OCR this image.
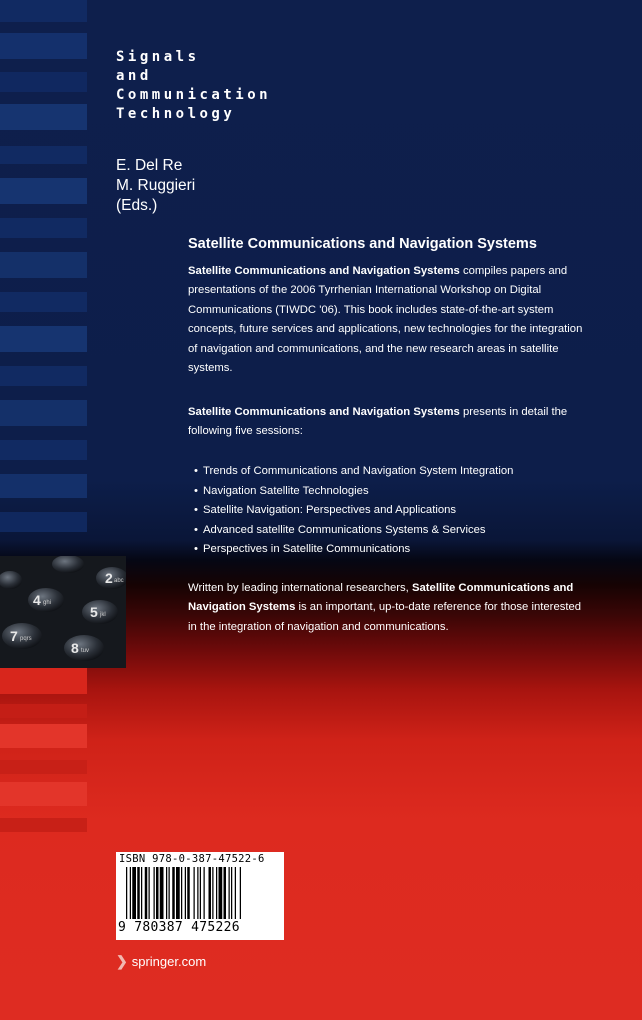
Signals
and
Communication
Technology
E. Del Re
M. Ruggieri
(Eds.)
Satellite Communications and Navigation Systems

Satellite Communications and Navigation Systems compiles papers and presentations of the 2006 Tyrrhenian International Workshop on Digital Communications (TIWDC '06). This book includes state-of-the-art system concepts, future services and applications, new technologies for the integration of navigation and communications, and the new research areas in satellite systems.

Satellite Communications and Navigation Systems presents in detail the following five sessions:

• Trends of Communications and Navigation System Integration
• Navigation Satellite Technologies
• Satellite Navigation: Perspectives and Applications
• Advanced satellite Communications Systems & Services
• Perspectives in Satellite Communications

Written by leading international researchers, Satellite Communications and Navigation Systems is an important, up-to-date reference for those interested in the integration of navigation and communications.

2 abc
4 ghi
5 jkl
7 pqrs
8 tuv
ISBN 978-0-387-47522-6
9 780387 475226
❯ springer.com
